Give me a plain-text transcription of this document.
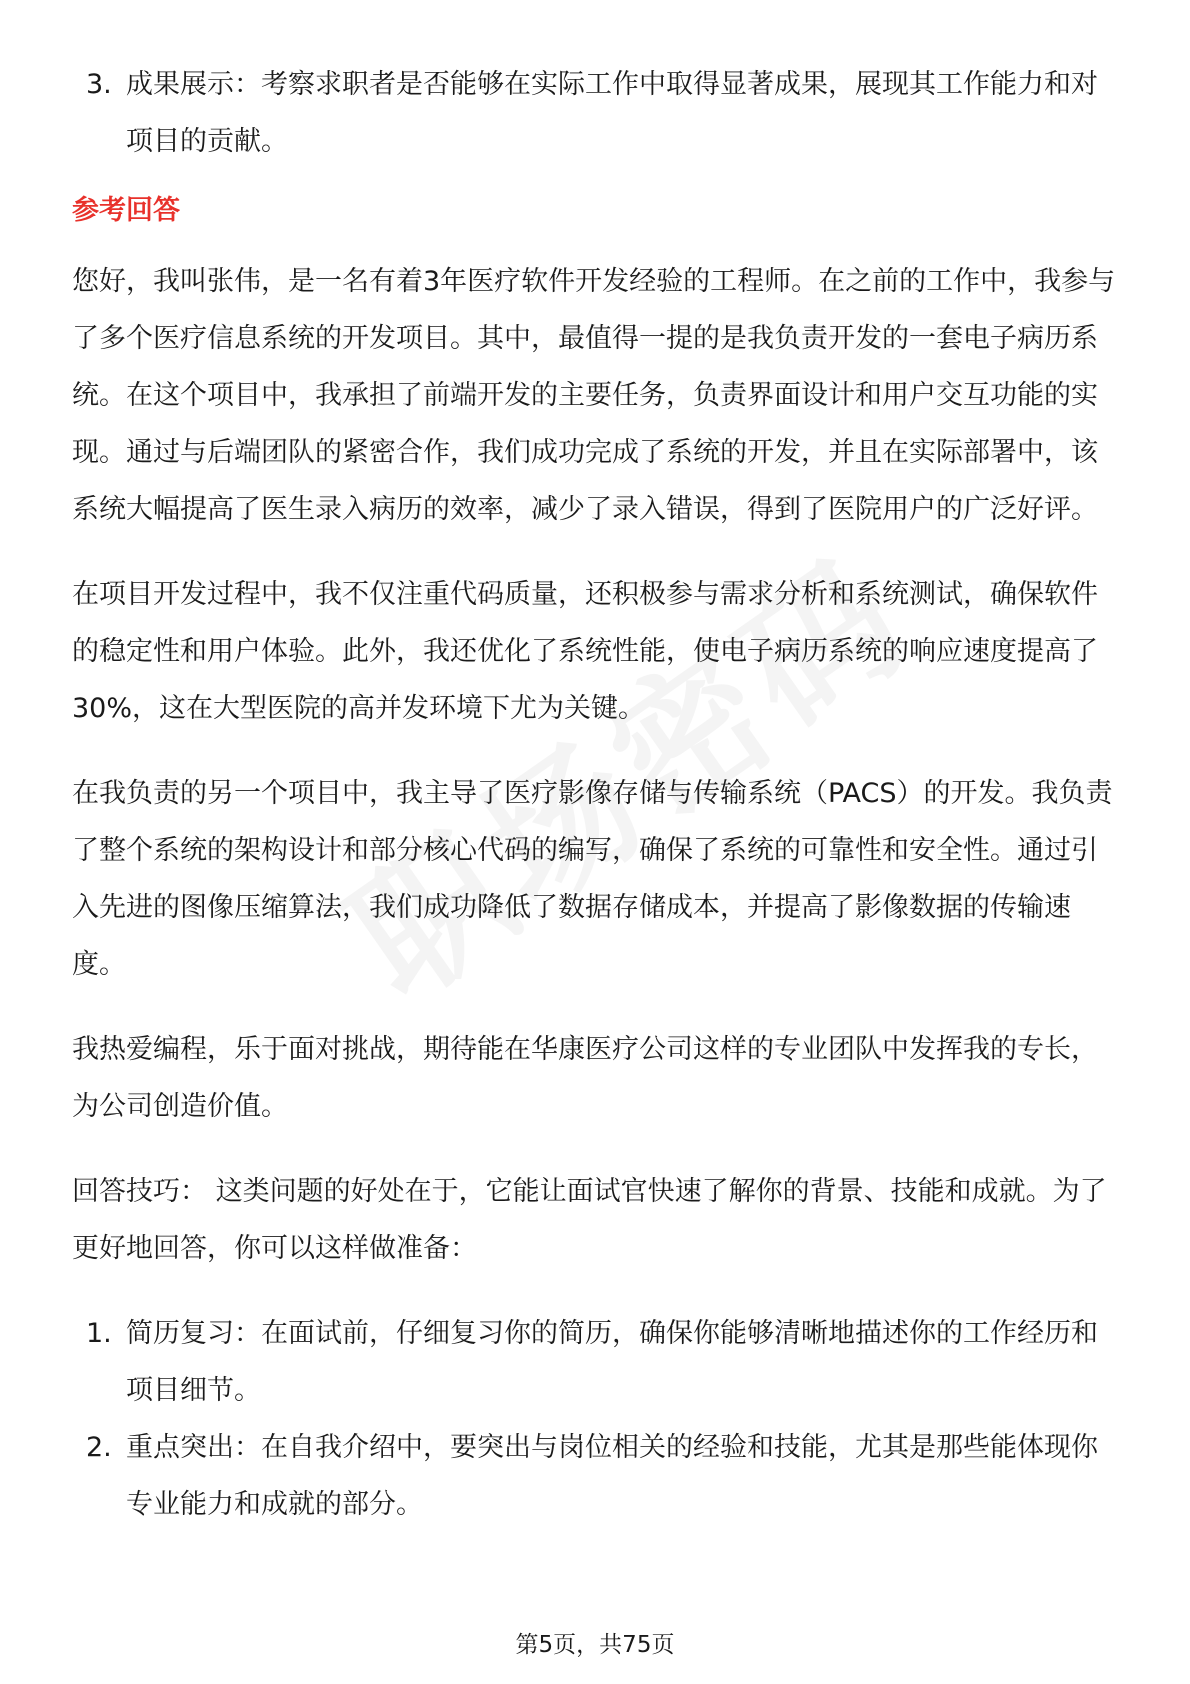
3. 成果展示：考察求职者是否能够在实际工作中取得显著成果，展现其工作能力和对项目的贡献。
参考回答

您好，我叫张伟，是一名有着3年医疗软件开发经验的工程师。在之前的工作中，我参与了多个医疗信息系统的开发项目。其中，最值得一提的是我负责开发的一套电子病历系统。在这个项目中，我承担了前端开发的主要任务，负责界面设计和用户交互功能的实现。通过与后端团队的紧密合作，我们成功完成了系统的开发，并且在实际部署中，该系统大幅提高了医生录入病历的效率，减少了录入错误，得到了医院用户的广泛好评。

在项目开发过程中，我不仅注重代码质量，还积极参与需求分析和系统测试，确保软件的稳定性和用户体验。此外，我还优化了系统性能，使电子病历系统的响应速度提高了30%，这在大型医院的高并发环境下尤为关键。

在我负责的另一个项目中，我主导了医疗影像存储与传输系统（PACS）的开发。我负责了整个系统的架构设计和部分核心代码的编写，确保了系统的可靠性和安全性。通过引入先进的图像压缩算法，我们成功降低了数据存储成本，并提高了影像数据的传输速度。

我热爱编程，乐于面对挑战，期待能在华康医疗公司这样的专业团队中发挥我的专长，为公司创造价值。

回答技巧： 这类问题的好处在于，它能让面试官快速了解你的背景、技能和成就。为了更好地回答，你可以这样做准备：

1. 简历复习：在面试前，仔细复习你的简历，确保你能够清晰地描述你的工作经历和项目细节。
2. 重点突出：在自我介绍中，要突出与岗位相关的经验和技能，尤其是那些能体现你专业能力和成就的部分。
第5页，共75页
